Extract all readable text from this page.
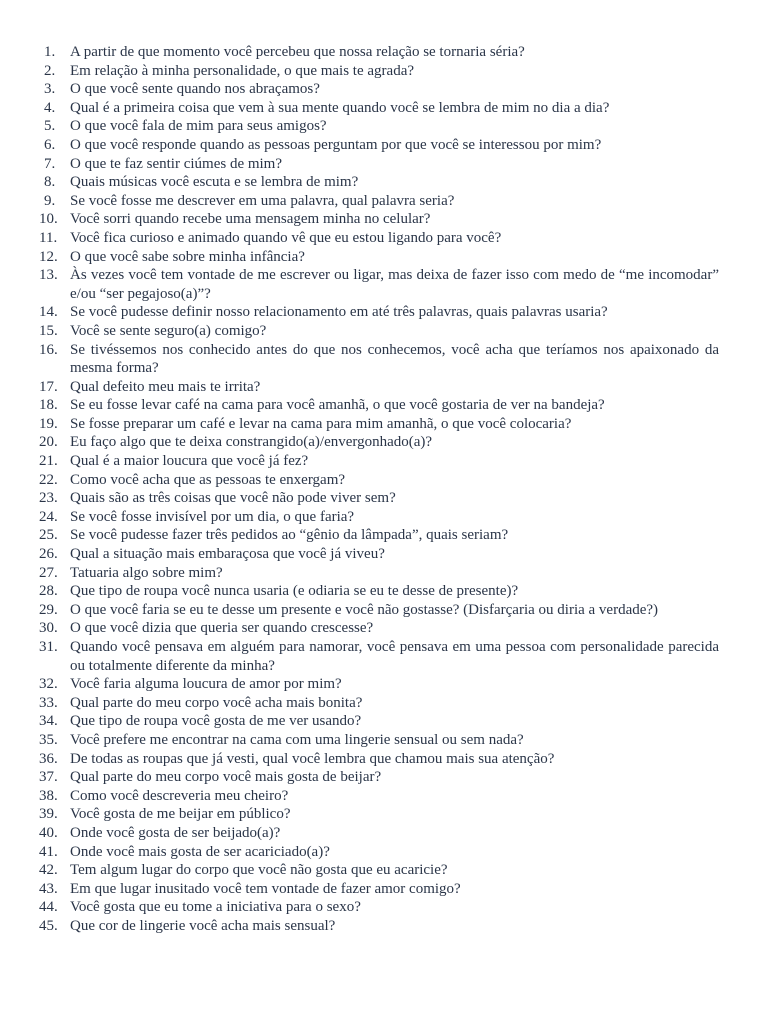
1. A partir de que momento você percebeu que nossa relação se tornaria séria?
2. Em relação à minha personalidade, o que mais te agrada?
3. O que você sente quando nos abraçamos?
4. Qual é a primeira coisa que vem à sua mente quando você se lembra de mim no dia a dia?
5. O que você fala de mim para seus amigos?
6. O que você responde quando as pessoas perguntam por que você se interessou por mim?
7. O que te faz sentir ciúmes de mim?
8. Quais músicas você escuta e se lembra de mim?
9. Se você fosse me descrever em uma palavra, qual palavra seria?
10. Você sorri quando recebe uma mensagem minha no celular?
11. Você fica curioso e animado quando vê que eu estou ligando para você?
12. O que você sabe sobre minha infância?
13. Às vezes você tem vontade de me escrever ou ligar, mas deixa de fazer isso com medo de “me incomodar” e/ou “ser pegajoso(a)”?
14. Se você pudesse definir nosso relacionamento em até três palavras, quais palavras usaria?
15. Você se sente seguro(a) comigo?
16. Se tivéssemos nos conhecido antes do que nos conhecemos, você acha que teríamos nos apaixonado da mesma forma?
17. Qual defeito meu mais te irrita?
18. Se eu fosse levar café na cama para você amanhã, o que você gostaria de ver na bandeja?
19. Se fosse preparar um café e levar na cama para mim amanhã, o que você colocaria?
20. Eu faço algo que te deixa constrangido(a)/envergonhado(a)?
21. Qual é a maior loucura que você já fez?
22. Como você acha que as pessoas te enxergam?
23. Quais são as três coisas que você não pode viver sem?
24. Se você fosse invisível por um dia, o que faria?
25. Se você pudesse fazer três pedidos ao “gênio da lâmpada”, quais seriam?
26. Qual a situação mais embaraçosa que você já viveu?
27. Tatuaria algo sobre mim?
28. Que tipo de roupa você nunca usaria (e odiaria se eu te desse de presente)?
29. O que você faria se eu te desse um presente e você não gostasse? (Disfarçaria ou diria a verdade?)
30. O que você dizia que queria ser quando crescesse?
31. Quando você pensava em alguém para namorar, você pensava em uma pessoa com personalidade parecida ou totalmente diferente da minha?
32. Você faria alguma loucura de amor por mim?
33. Qual parte do meu corpo você acha mais bonita?
34. Que tipo de roupa você gosta de me ver usando?
35. Você prefere me encontrar na cama com uma lingerie sensual ou sem nada?
36. De todas as roupas que já vesti, qual você lembra que chamou mais sua atenção?
37. Qual parte do meu corpo você mais gosta de beijar?
38. Como você descreveria meu cheiro?
39. Você gosta de me beijar em público?
40. Onde você gosta de ser beijado(a)?
41. Onde você mais gosta de ser acariciado(a)?
42. Tem algum lugar do corpo que você não gosta que eu acaricie?
43. Em que lugar inusitado você tem vontade de fazer amor comigo?
44. Você gosta que eu tome a iniciativa para o sexo?
45. Que cor de lingerie você acha mais sensual?
